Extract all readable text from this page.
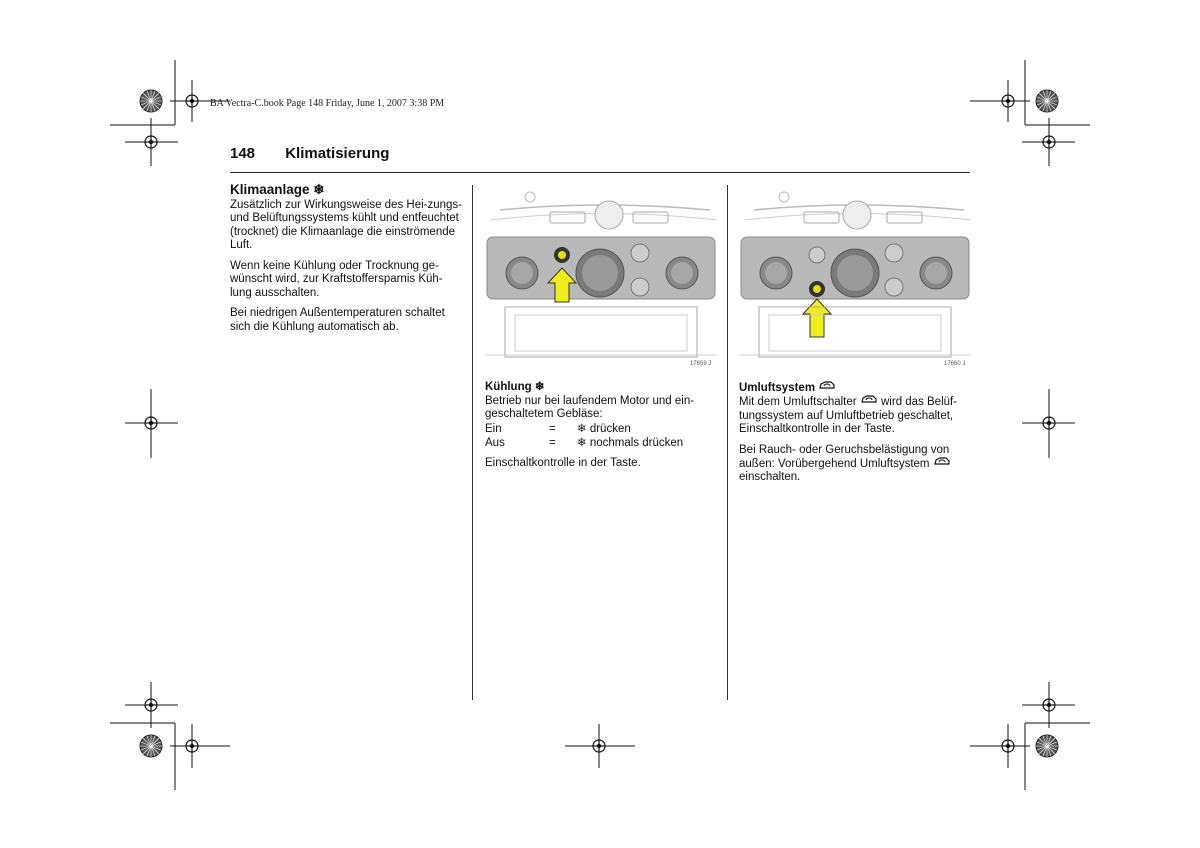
BA Vectra-C.book Page 148 Friday, June 1, 2007 3:38 PM
148 Klimatisierung
Klimaanlage ❄

Zusätzlich zur Wirkungsweise des Hei-zungs- und Belüftungssystems kühlt und entfeuchtet (trocknet) die Klimaanlage die einströmende Luft.

Wenn keine Kühlung oder Trocknung ge-wünscht wird, zur Kraftstoffersparnis Küh-lung ausschalten.

Bei niedrigen Außentemperaturen schaltet sich die Kühlung automatisch ab.

17659 J
Kühlung ❄

Betrieb nur bei laufendem Motor und ein-geschaltetem Gebläse:

Ein	=	❄ drücken
Aus	=	❄ nochmals drücken

Einschaltkontrolle in der Taste.

17660 J
Umluftsystem

Mit dem Umluftschalter wird das Belüf-tungssystem auf Umluftbetrieb geschaltet, Einschaltkontrolle in der Taste.

Bei Rauch- oder Geruchsbelästigung von außen: Vorübergehend Umluftsystem  einschalten.
